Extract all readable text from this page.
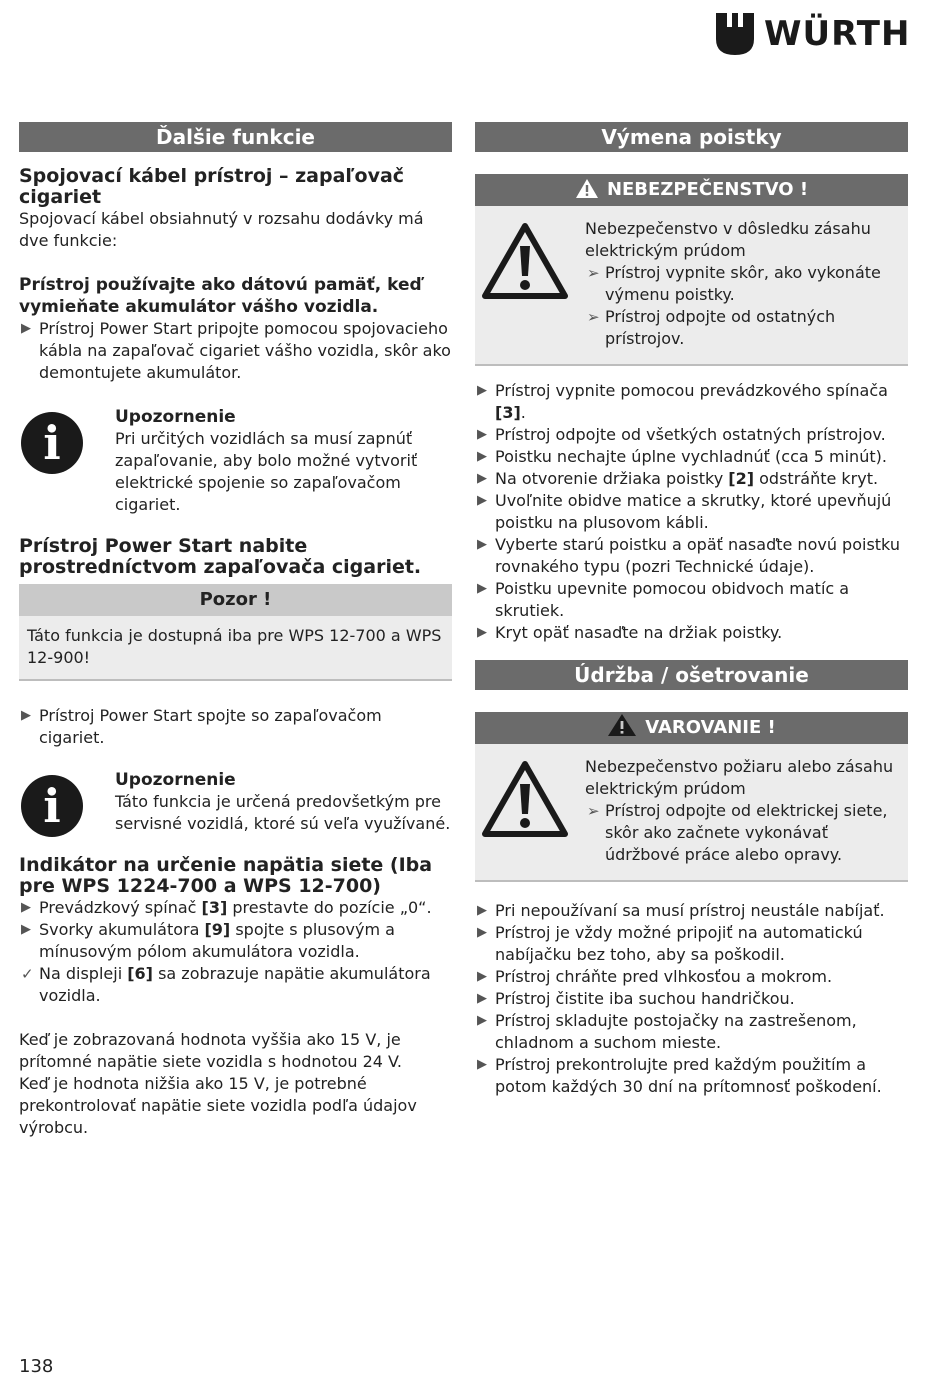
WÜRTH
Ďalšie funkcie
Spojovací kábel prístroj – zapaľovač cigariet

Spojovací kábel obsiahnutý v rozsahu dodávky má dve funkcie:

Prístroj používajte ako dátovú pamäť, keď vymieňate akumulátor vášho vozidla.

▶ Prístroj Power Start pripojte pomocou spojovacieho kábla na zapaľovač cigariet vášho vozidla, skôr ako demontujete akumulátor.
i	Upozornenie

Pri určitých vozidlách sa musí zapnúť zapaľovanie, aby bolo možné vytvoriť elektrické spojenie so zapaľovačom cigariet.

Prístroj Power Start nabite prostredníctvom zapaľovača cigariet.
Pozor !

Táto funkcia je dostupná iba pre WPS 12-700 a WPS 12-900!

▶ Prístroj Power Start spojte so zapaľovačom cigariet.
i	Upozornenie

Táto funkcia je určená predovšetkým pre servisné vozidlá, ktoré sú veľa využívané.

Indikátor na určenie napätia siete (Iba pre WPS 1224-700 a WPS 12-700)
▶ Prevádzkový spínač [3] prestavte do pozície „0“.
▶ Svorky akumulátora [9] spojte s plusovým a mínusovým pólom akumulátora vozidla.
✓ Na displeji [6] sa zobrazuje napätie akumulátora vozidla.

Keď je zobrazovaná hodnota vyššia ako 15 V, je prítomné napätie siete vozidla s hodnotou 24 V.

Keď je hodnota nižšia ako 15 V, je potrebné prekontrolovať napätie siete vozidla podľa údajov výrobcu.

Výmena poistky
NEBEZPEČENSTVO !

Nebezpečenstvo v dôsledku zásahu elektrickým prúdom

➢ Prístroj vypnite skôr, ako vykonáte výmenu poistky.
➢ Prístroj odpojte od ostatných prístrojov.
▶ Prístroj vypnite pomocou prevádzkového spínača [3].
▶ Prístroj odpojte od všetkých ostatných prístrojov.
▶ Poistku nechajte úplne vychladnúť (cca 5 minút).
▶ Na otvorenie držiaka poistky [2] odstráňte kryt.
▶ Uvoľnite obidve matice a skrutky, ktoré upevňujú poistku na plusovom kábli.
▶ Vyberte starú poistku a opäť nasaďte novú poistku rovnakého typu (pozri Technické údaje).
▶ Poistku upevnite pomocou obidvoch matíc a skrutiek.
▶ Kryt opäť nasaďte na držiak poistky.
Údržba / ošetrovanie
VAROVANIE !

Nebezpečenstvo požiaru alebo zásahu elektrickým prúdom

➢ Prístroj odpojte od elektrickej siete, skôr ako začnete vykonávať údržbové práce alebo opravy.
▶ Pri nepoužívaní sa musí prístroj neustále nabíjať.
▶ Prístroj je vždy možné pripojiť na automatickú nabíjačku bez toho, aby sa poškodil.
▶ Prístroj chráňte pred vlhkosťou a mokrom.
▶ Prístroj čistite iba suchou handričkou.
▶ Prístroj skladujte postojačky na zastrešenom, chladnom a suchom mieste.
▶ Prístroj prekontrolujte pred každým použitím a potom každých 30 dní na prítomnosť poškodení.
138
